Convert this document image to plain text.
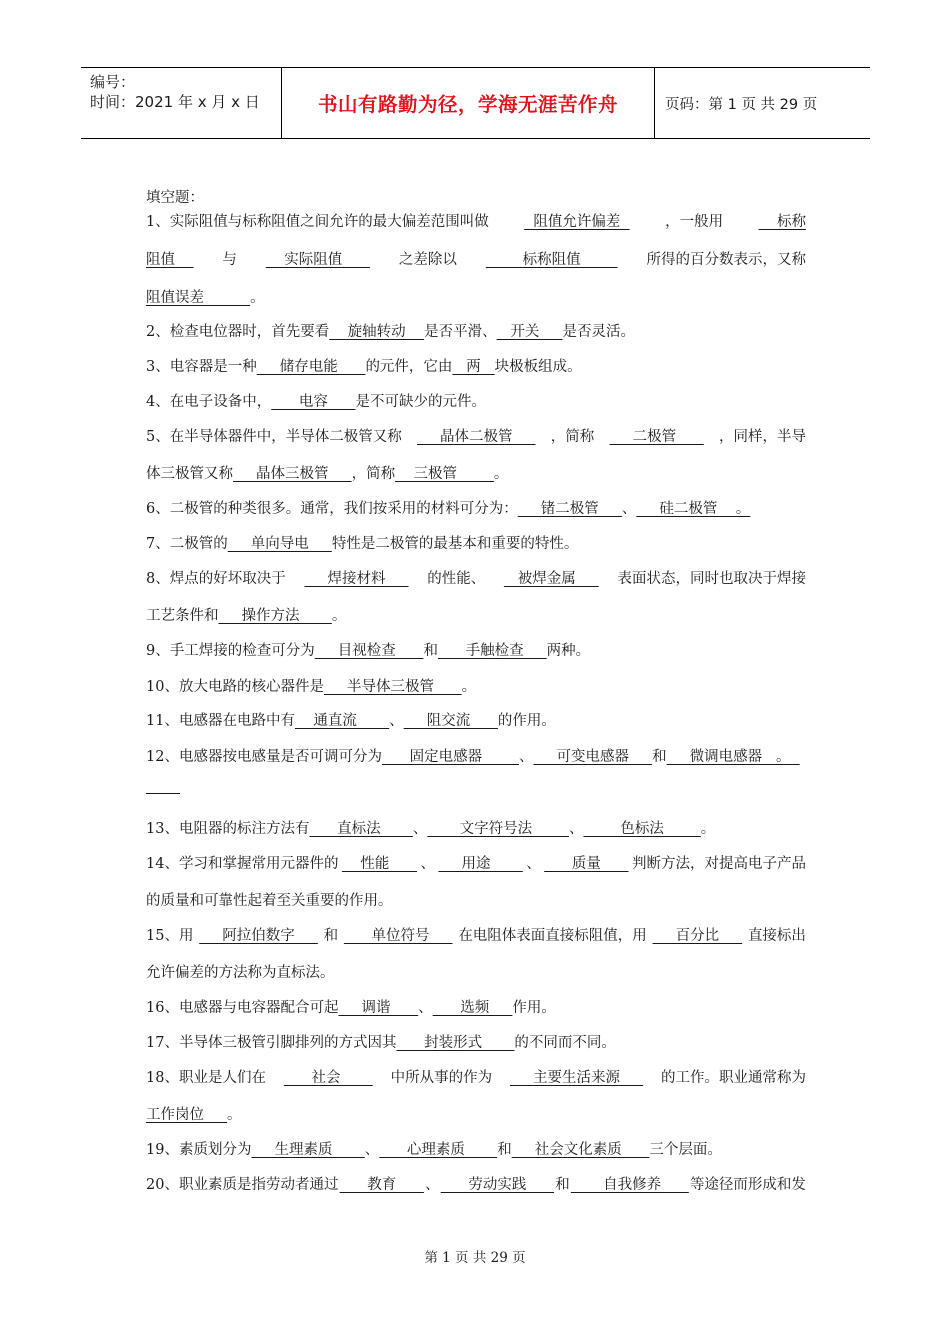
编号：
时间：2021 年 x 月 x 日	书山有路勤为径，学海无涯苦作舟	页码：第 1 页 共 29 页
填空题：
1、实际阻值与标称阻值之间允许的最大偏差范围叫做 阻值允许偏差 ，一般用 标称
阻值 与 实际阻值 之差除以 标称阻值 所得的百分数表示，又称
阻值误差          。
2、检查电位器时，首先要看    旋轴转动    是否平滑、   开关     是否灵活。
3、电容器是一种     储存电能      的元件，它由   两   块极板组成。
4、在电子设备中，      电容      是不可缺少的元件。
5、在半导体器件中，半导体二极管又称 晶体二极管 ，简称 二极管 ，同样，半导
体三极管又称     晶体三极管     ，简称    三极管        。
6、二极管的种类很多。通常，我们按采用的材料可分为：     锗二极管     、     硅二极管    。
7、二极管的     单向导电     特性是二极管的最基本和重要的特性。
8、焊点的好坏取决于 焊接材料 的性能、 被焊金属 表面状态，同时也取决于焊接
工艺条件和     操作方法       。
9、手工焊接的检查可分为     目视检查      和      手触检查     两种。
10、放大电路的核心器件是     半导体三极管      。
11、电感器在电路中有    通直流       、     阻交流      的作用。
12、电感器按电感量是否可调可分为      固定电感器        、     可变电感器     和     微调电感器   。
13、电阻器的标注方法有      直标法       、       文字符号法        、        色标法        。
14、学习和掌握常用元器件的 性能 、 用途 、 质量 判断方法，对提高电子产品
的质量和可靠性起着至关重要的作用。
15、用 阿拉伯数字 和 单位符号 在电阻体表面直接标阻值，用 百分比 直接标出
允许偏差的方法称为直标法。
16、电感器与电容器配合可起     调谐      、      选频     作用。
17、半导体三极管引脚排列的方式因其      封装形式       的不同而不同。
18、职业是人们在 社会 中所从事的作为 主要生活来源 的工作。职业通常称为
工作岗位     。
19、素质划分为     生理素质       、      心理素质       和     社会文化素质      三个层面。
20、职业素质是指劳动者通过 教育 、 劳动实践 和 自我修养 等途径而形成和发
第 1 页 共 29 页
